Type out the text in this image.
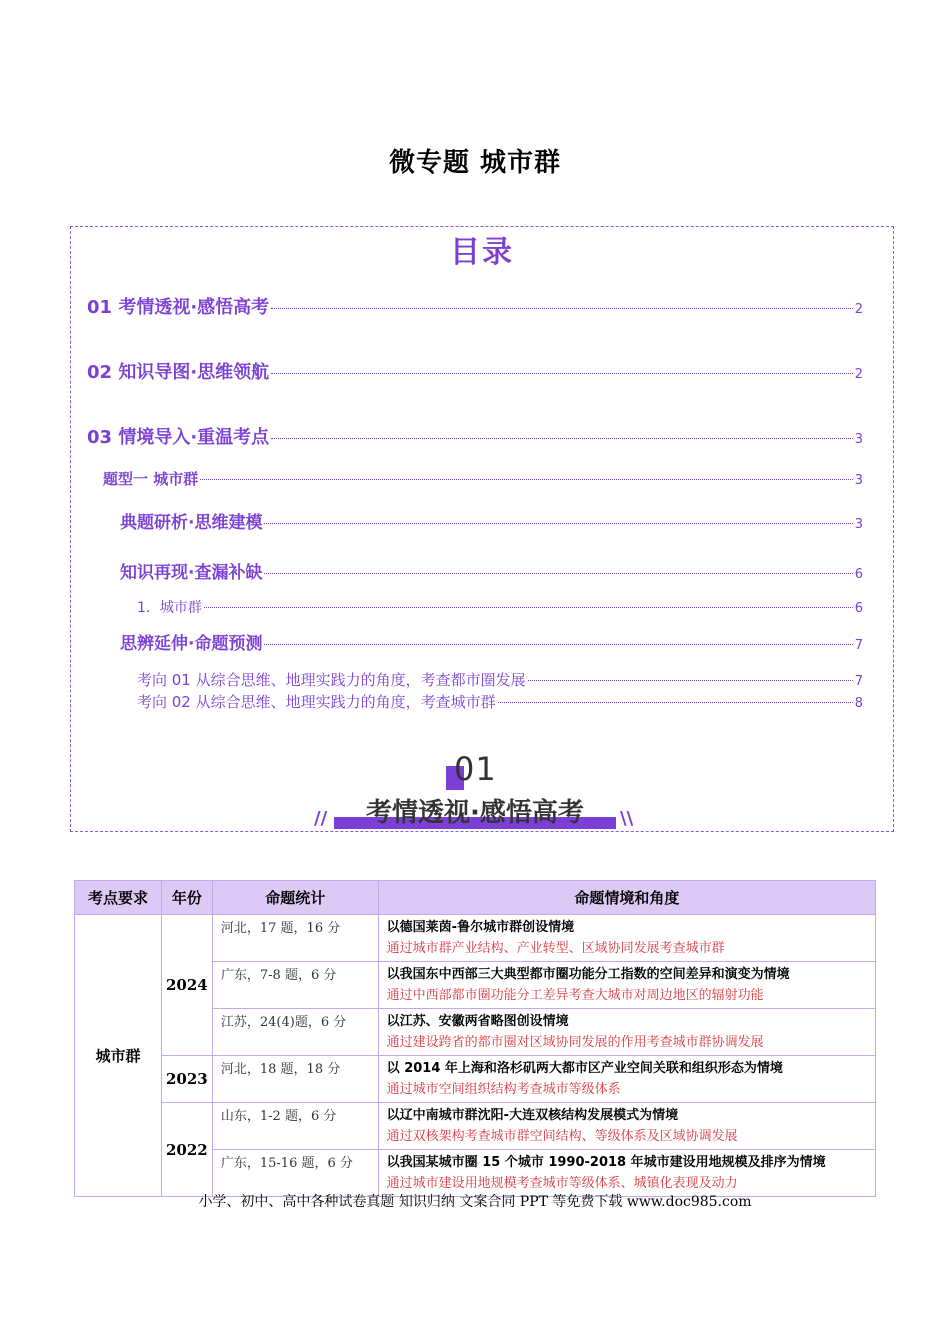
微专题 城市群
目录
01 考情透视·感悟高考	2
02 知识导图·思维领航	2
03 情境导入·重温考点	3
题型一 城市群	3
典题研析·思维建模	3
知识再现·查漏补缺	6
1．城市群	6
思辨延伸·命题预测	7
考向 01 从综合思维、地理实践力的角度，考查都市圈发展	7
考向 02 从综合思维、地理实践力的角度，考查城市群	8
01
//	\\
考情透视·感悟高考
考点要求	年份	命题统计	命题情境和角度
城市群	2024	河北，17 题，16 分	以德国莱茵-鲁尔城市群创设情境
通过城市群产业结构、产业转型、区域协同发展考查城市群

		广东，7-8 题，6 分	以我国东中西部三大典型都市圈功能分工指数的空间差异和演变为情境
通过中西部都市圈功能分工差异考查大城市对周边地区的辐射功能

		江苏，24(4)题，6 分	以江苏、安徽两省略图创设情境
通过建设跨省的都市圈对区域协同发展的作用考查城市群协调发展

	2023	河北，18 题，18 分	以 2014 年上海和洛杉矶两大都市区产业空间关联和组织形态为情境
通过城市空间组织结构考查城市等级体系

	2022	山东，1-2 题，6 分	以辽中南城市群沈阳-大连双核结构发展模式为情境
通过双核架构考查城市群空间结构、等级体系及区域协调发展

		广东，15-16 题，6 分	以我国某城市圈 15 个城市 1990-2018 年城市建设用地规模及排序为情境
通过城市建设用地规模考查城市等级体系、城镇化表现及动力
小学、初中、高中各种试卷真题 知识归纳 文案合同 PPT 等免费下载 www.doc985.com
